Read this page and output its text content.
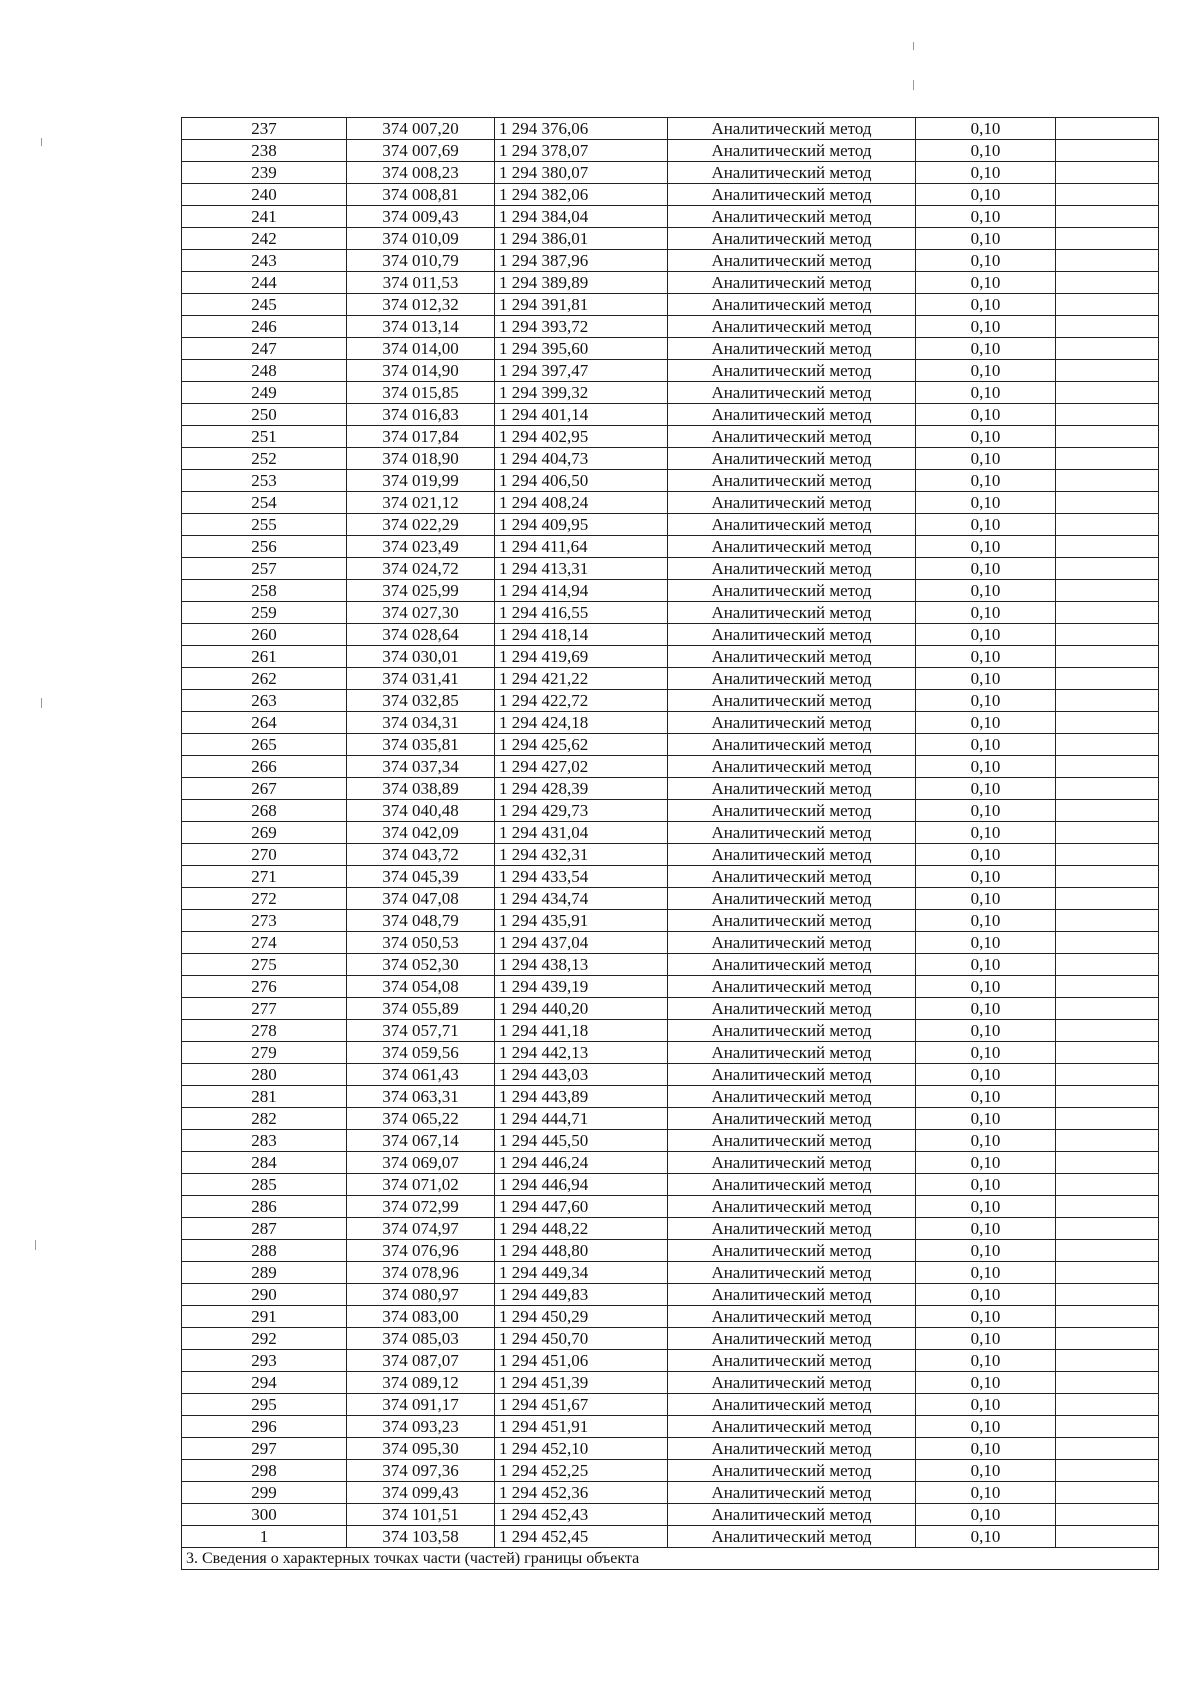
237	374 007,20	1 294 376,06	Аналитический метод	0,10	
238	374 007,69	1 294 378,07	Аналитический метод	0,10	
239	374 008,23	1 294 380,07	Аналитический метод	0,10	
240	374 008,81	1 294 382,06	Аналитический метод	0,10	
241	374 009,43	1 294 384,04	Аналитический метод	0,10	
242	374 010,09	1 294 386,01	Аналитический метод	0,10	
243	374 010,79	1 294 387,96	Аналитический метод	0,10	
244	374 011,53	1 294 389,89	Аналитический метод	0,10	
245	374 012,32	1 294 391,81	Аналитический метод	0,10	
246	374 013,14	1 294 393,72	Аналитический метод	0,10	
247	374 014,00	1 294 395,60	Аналитический метод	0,10	
248	374 014,90	1 294 397,47	Аналитический метод	0,10	
249	374 015,85	1 294 399,32	Аналитический метод	0,10	
250	374 016,83	1 294 401,14	Аналитический метод	0,10	
251	374 017,84	1 294 402,95	Аналитический метод	0,10	
252	374 018,90	1 294 404,73	Аналитический метод	0,10	
253	374 019,99	1 294 406,50	Аналитический метод	0,10	
254	374 021,12	1 294 408,24	Аналитический метод	0,10	
255	374 022,29	1 294 409,95	Аналитический метод	0,10	
256	374 023,49	1 294 411,64	Аналитический метод	0,10	
257	374 024,72	1 294 413,31	Аналитический метод	0,10	
258	374 025,99	1 294 414,94	Аналитический метод	0,10	
259	374 027,30	1 294 416,55	Аналитический метод	0,10	
260	374 028,64	1 294 418,14	Аналитический метод	0,10	
261	374 030,01	1 294 419,69	Аналитический метод	0,10	
262	374 031,41	1 294 421,22	Аналитический метод	0,10	
263	374 032,85	1 294 422,72	Аналитический метод	0,10	
264	374 034,31	1 294 424,18	Аналитический метод	0,10	
265	374 035,81	1 294 425,62	Аналитический метод	0,10	
266	374 037,34	1 294 427,02	Аналитический метод	0,10	
267	374 038,89	1 294 428,39	Аналитический метод	0,10	
268	374 040,48	1 294 429,73	Аналитический метод	0,10	
269	374 042,09	1 294 431,04	Аналитический метод	0,10	
270	374 043,72	1 294 432,31	Аналитический метод	0,10	
271	374 045,39	1 294 433,54	Аналитический метод	0,10	
272	374 047,08	1 294 434,74	Аналитический метод	0,10	
273	374 048,79	1 294 435,91	Аналитический метод	0,10	
274	374 050,53	1 294 437,04	Аналитический метод	0,10	
275	374 052,30	1 294 438,13	Аналитический метод	0,10	
276	374 054,08	1 294 439,19	Аналитический метод	0,10	
277	374 055,89	1 294 440,20	Аналитический метод	0,10	
278	374 057,71	1 294 441,18	Аналитический метод	0,10	
279	374 059,56	1 294 442,13	Аналитический метод	0,10	
280	374 061,43	1 294 443,03	Аналитический метод	0,10	
281	374 063,31	1 294 443,89	Аналитический метод	0,10	
282	374 065,22	1 294 444,71	Аналитический метод	0,10	
283	374 067,14	1 294 445,50	Аналитический метод	0,10	
284	374 069,07	1 294 446,24	Аналитический метод	0,10	
285	374 071,02	1 294 446,94	Аналитический метод	0,10	
286	374 072,99	1 294 447,60	Аналитический метод	0,10	
287	374 074,97	1 294 448,22	Аналитический метод	0,10	
288	374 076,96	1 294 448,80	Аналитический метод	0,10	
289	374 078,96	1 294 449,34	Аналитический метод	0,10	
290	374 080,97	1 294 449,83	Аналитический метод	0,10	
291	374 083,00	1 294 450,29	Аналитический метод	0,10	
292	374 085,03	1 294 450,70	Аналитический метод	0,10	
293	374 087,07	1 294 451,06	Аналитический метод	0,10	
294	374 089,12	1 294 451,39	Аналитический метод	0,10	
295	374 091,17	1 294 451,67	Аналитический метод	0,10	
296	374 093,23	1 294 451,91	Аналитический метод	0,10	
297	374 095,30	1 294 452,10	Аналитический метод	0,10	
298	374 097,36	1 294 452,25	Аналитический метод	0,10	
299	374 099,43	1 294 452,36	Аналитический метод	0,10	
300	374 101,51	1 294 452,43	Аналитический метод	0,10	
1	374 103,58	1 294 452,45	Аналитический метод	0,10	
3. Сведения о характерных точках части (частей) границы объекта					
